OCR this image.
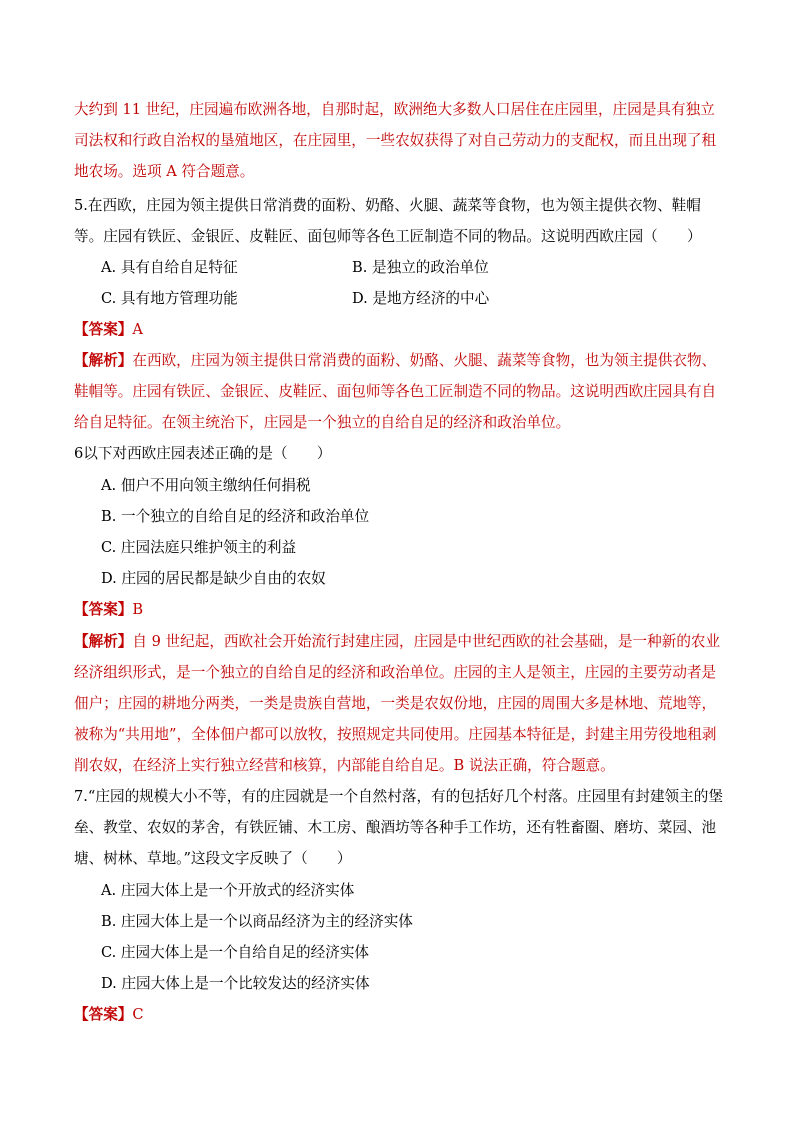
大约到 11 世纪，庄园遍布欧洲各地，自那时起，欧洲绝大多数人口居住在庄园里，庄园是具有独立司法权和行政自治权的垦殖地区，在庄园里，一些农奴获得了对自己劳动力的支配权，而且出现了租地农场。选项 A 符合题意。

5.在西欧，庄园为领主提供日常消费的面粉、奶酪、火腿、蔬菜等食物，也为领主提供衣物、鞋帽等。庄园有铁匠、金银匠、皮鞋匠、面包师等各色工匠制造不同的物品。这说明西欧庄园（　　）

A. 具有自给自足特征	B. 是独立的政治单位
C. 具有地方管理功能	D. 是地方经济的中心

【答案】A

【解析】在西欧，庄园为领主提供日常消费的面粉、奶酪、火腿、蔬菜等食物，也为领主提供衣物、鞋帽等。庄园有铁匠、金银匠、皮鞋匠、面包师等各色工匠制造不同的物品。这说明西欧庄园具有自给自足特征。在领主统治下，庄园是一个独立的自给自足的经济和政治单位。

6以下对西欧庄园表述正确的是（　　）

A. 佃户不用向领主缴纳任何捐税
B. 一个独立的自给自足的经济和政治单位
C. 庄园法庭只维护领主的利益
D. 庄园的居民都是缺少自由的农奴

【答案】B

【解析】自 9 世纪起，西欧社会开始流行封建庄园，庄园是中世纪西欧的社会基础，是一种新的农业经济组织形式，是一个独立的自给自足的经济和政治单位。庄园的主人是领主，庄园的主要劳动者是佃户；庄园的耕地分两类，一类是贵族自营地，一类是农奴份地，庄园的周围大多是林地、荒地等，被称为“共用地”，全体佃户都可以放牧，按照规定共同使用。庄园基本特征是，封建主用劳役地租剥削农奴，在经济上实行独立经营和核算，内部能自给自足。B 说法正确，符合题意。

7.“庄园的规模大小不等，有的庄园就是一个自然村落，有的包括好几个村落。庄园里有封建领主的堡垒、教堂、农奴的茅舍，有铁匠铺、木工房、酿酒坊等各种手工作坊，还有牲畜圈、磨坊、菜园、池塘、树林、草地。”这段文字反映了（　　）

A. 庄园大体上是一个开放式的经济实体
B. 庄园大体上是一个以商品经济为主的经济实体
C. 庄园大体上是一个自给自足的经济实体
D. 庄园大体上是一个比较发达的经济实体

【答案】C
